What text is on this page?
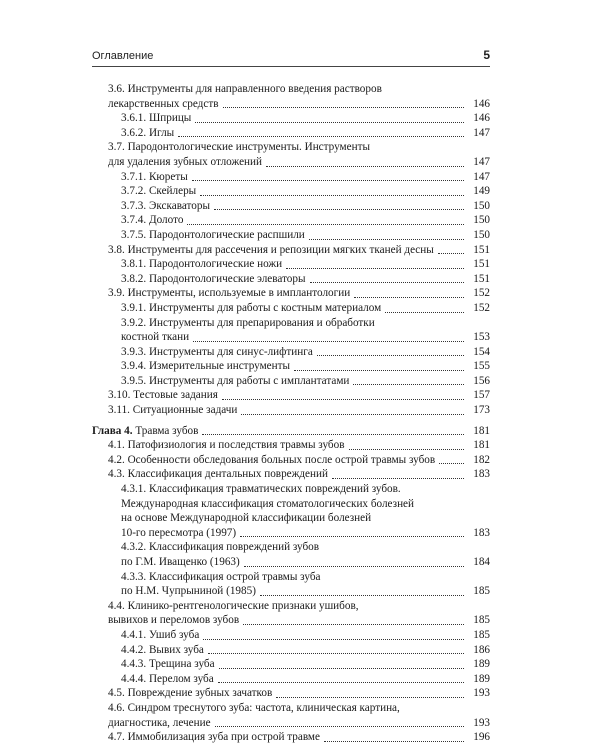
Оглавление	5
3.6. Инструменты для направленного введения растворов
лекарственных средств	146
3.6.1. Шприцы	146
3.6.2. Иглы	147
3.7. Пародонтологические инструменты. Инструменты
для удаления зубных отложений	147
3.7.1. Кюреты	147
3.7.2. Скейлеры	149
3.7.3. Экскаваторы	150
3.7.4. Долото	150
3.7.5. Пародонтологические распшили	150
3.8. Инструменты для рассечения и репозиции мягких тканей десны	151
3.8.1. Пародонтологические ножи	151
3.8.2. Пародонтологические элеваторы	151
3.9. Инструменты, используемые в имплантологии	152
3.9.1. Инструменты для работы с костным материалом	152
3.9.2. Инструменты для препарирования и обработки
костной ткани	153
3.9.3. Инструменты для синус-лифтинга	154
3.9.4. Измерительные инструменты	155
3.9.5. Инструменты для работы с имплантатами	156
3.10. Тестовые задания	157
3.11. Ситуационные задачи	173
Глава 4. Травма зубов	181
4.1. Патофизиология и последствия травмы зубов	181
4.2. Особенности обследования больных после острой травмы зубов	182
4.3. Классификация дентальных повреждений	183
4.3.1. Классификация травматических повреждений зубов.
Международная классификация стоматологических болезней
на основе Международной классификации болезней
10-го пересмотра (1997)	183
4.3.2. Классификация повреждений зубов
по Г.М. Иващенко (1963)	184
4.3.3. Классификация острой травмы зуба
по Н.М. Чупрыниной (1985)	185
4.4. Клинико-рентгенологические признаки ушибов,
вывихов и переломов зубов	185
4.4.1. Ушиб зуба	185
4.4.2. Вывих зуба	186
4.4.3. Трещина зуба	189
4.4.4. Перелом зуба	189
4.5. Повреждение зубных зачатков	193
4.6. Синдром треснутого зуба: частота, клиническая картина,
диагностика, лечение	193
4.7. Иммобилизация зуба при острой травме	196
